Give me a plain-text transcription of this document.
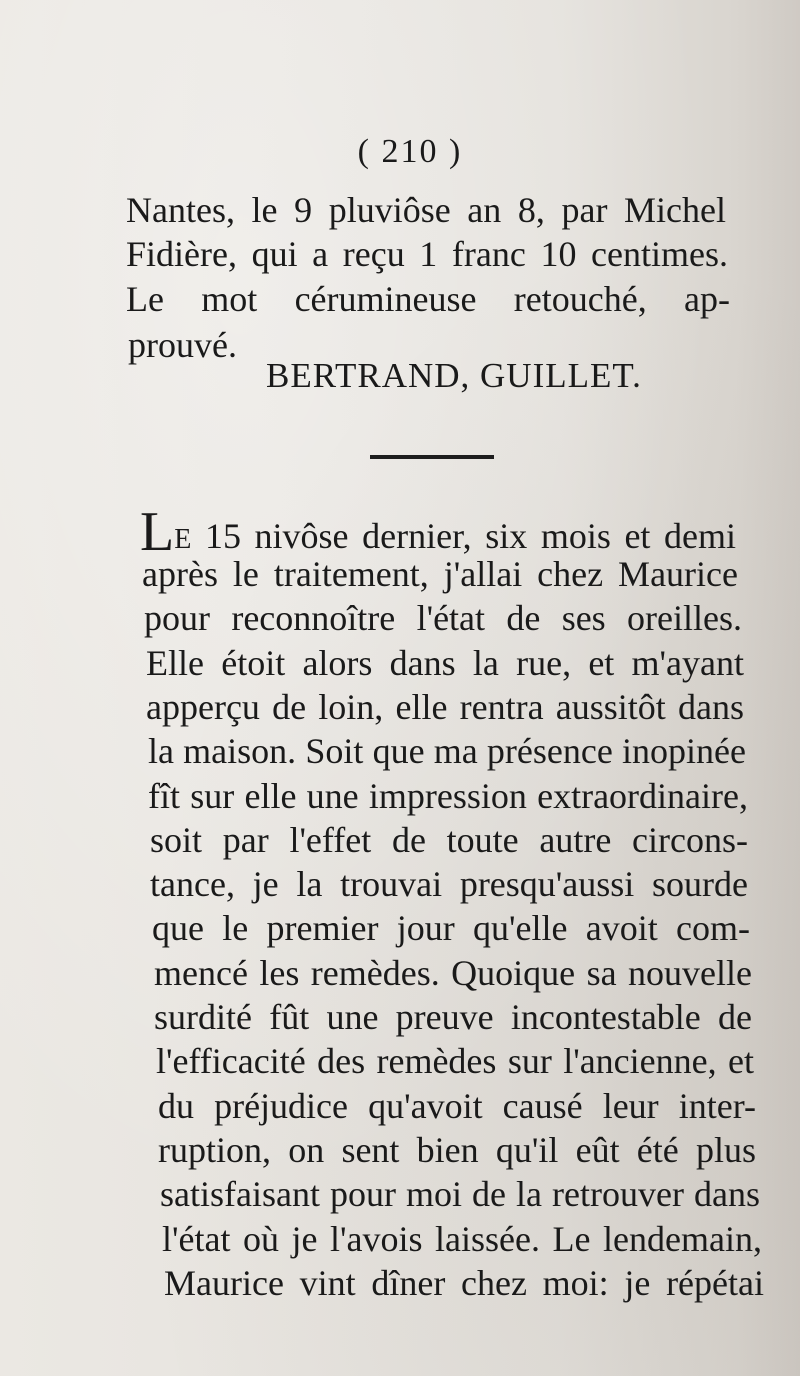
( 210 )
Nantes, le 9 pluviôse an 8, par Michel
Fidière, qui a reçu 1 franc 10 centimes.
Le mot cérumineuse retouché, ap-
prouvé.
BERTRAND, GUILLET.
LE 15 nivôse dernier, six mois et demi
après le traitement, j'allai chez Maurice
pour reconnoître l'état de ses oreilles.
Elle étoit alors dans la rue, et m'ayant
apperçu de loin, elle rentra aussitôt dans
la maison. Soit que ma présence inopinée
fît sur elle une impression extraordinaire,
soit par l'effet de toute autre circons-
tance, je la trouvai presqu'aussi sourde
que le premier jour qu'elle avoit com-
mencé les remèdes. Quoique sa nouvelle
surdité fût une preuve incontestable de
l'efficacité des remèdes sur l'ancienne, et
du préjudice qu'avoit causé leur inter-
ruption, on sent bien qu'il eût été plus
satisfaisant pour moi de la retrouver dans
l'état où je l'avois laissée. Le lendemain,
Maurice vint dîner chez moi: je répétai
